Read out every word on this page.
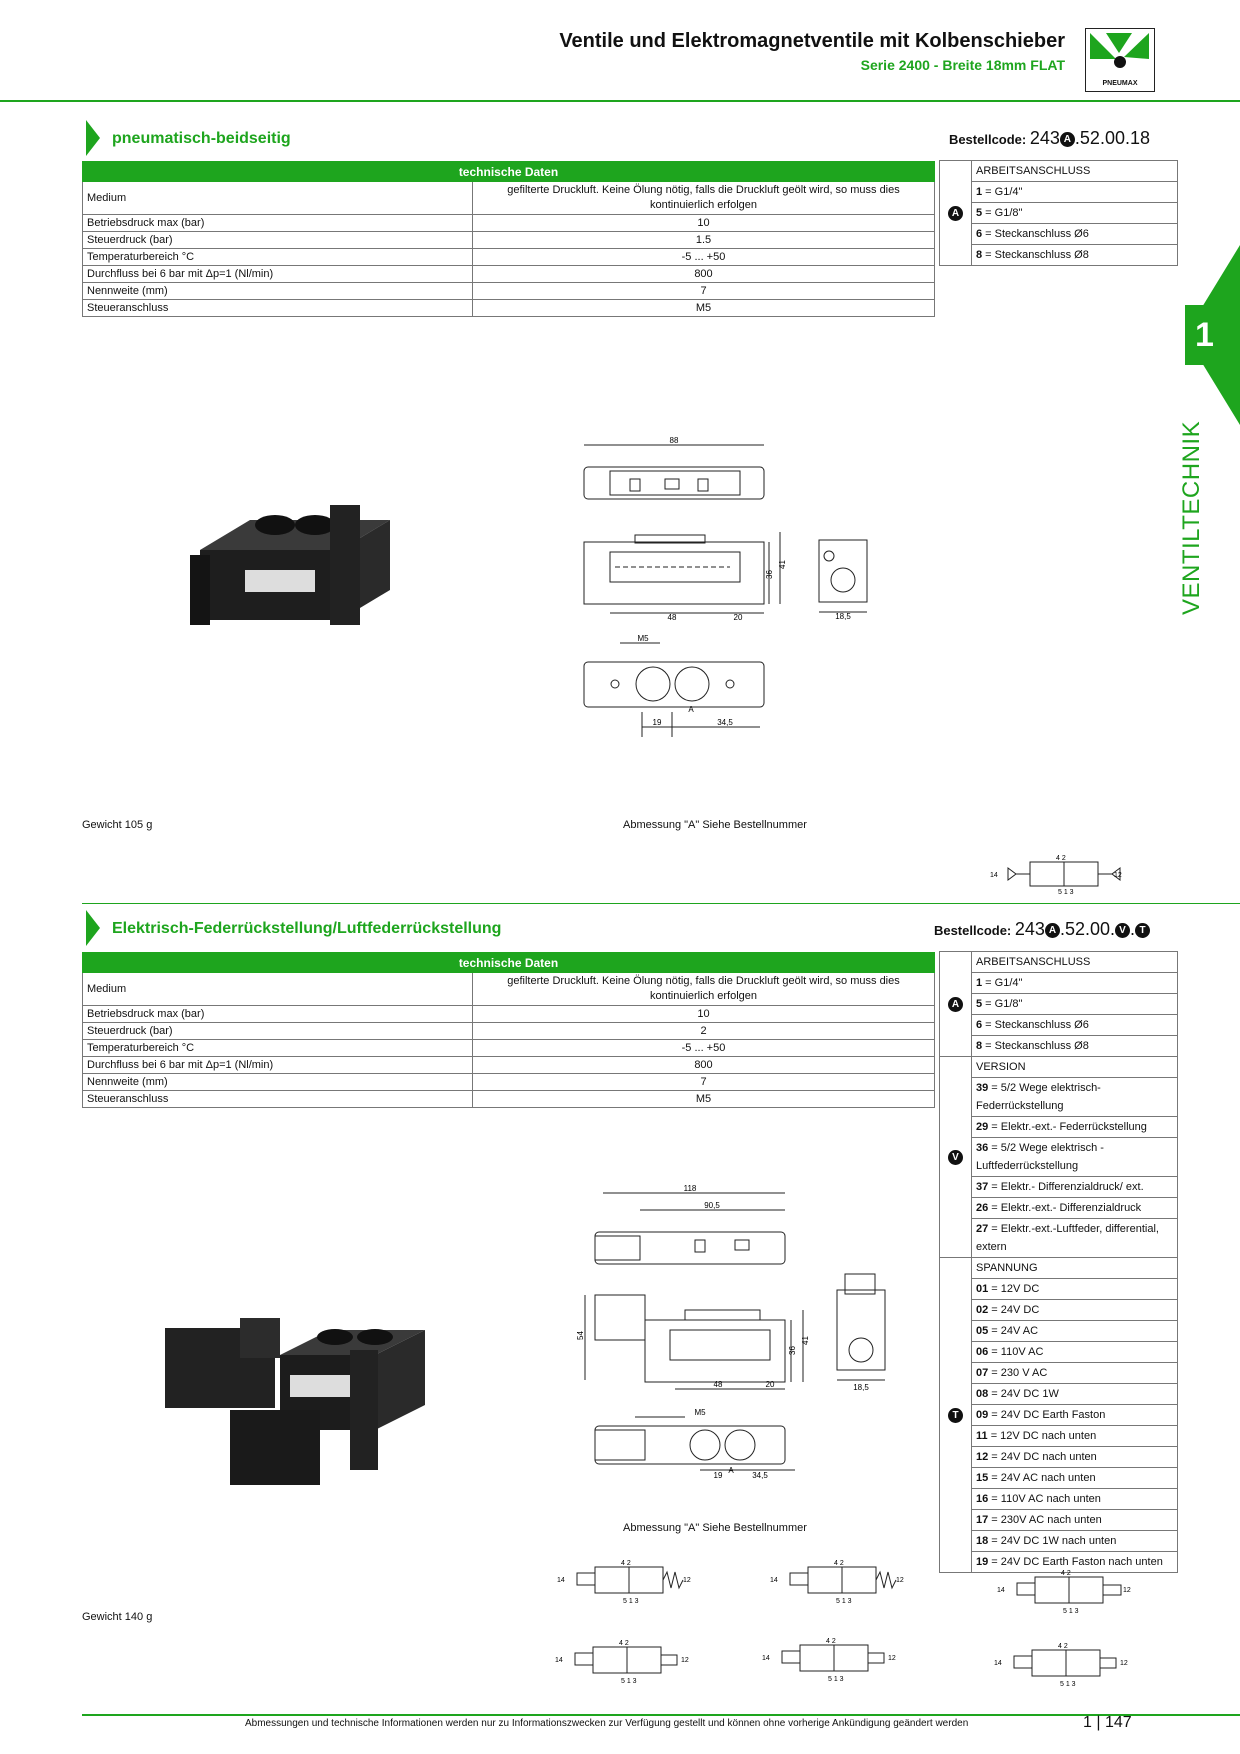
Ventile und Elektromagnetventile mit Kolbenschieber
Serie 2400 - Breite 18mm FLAT
PNEUMAX
1
VENTILTECHNIK
pneumatisch-beidseitig	Bestellcode: 243 A .52.00.18
technische Daten	
Medium	gefilterte Druckluft. Keine Ölung nötig, falls die Druckluft geölt wird, so muss dies kontinuierlich erfolgen
Betriebsdruck max (bar)	10
Steuerdruck (bar)	1.5
Temperaturbereich °C	-5 ... +50
Durchfluss bei 6 bar mit Δp=1 (Nl/min)	800
Nennweite (mm)	7
Steueranschluss	M5
A	ARBEITSANSCHLUSS
1 = G1/4"
5 = G1/8"
6 = Steckanschluss Ø6
8 = Steckanschluss Ø8
88
36
41
48	20
M5
A
19	34,5
18,5
Gewicht 105 g	Abmessung "A" Siehe Bestellnummer
14	12
4 2
5 1 3
Elektrisch-Federrückstellung/Luftfederrückstellung	Bestellcode: 243 A .52.00. V . T
technische Daten	
Medium	gefilterte Druckluft. Keine Ölung nötig, falls die Druckluft geölt wird, so muss dies kontinuierlich erfolgen
Betriebsdruck max (bar)	10
Steuerdruck (bar)	2
Temperaturbereich °C	-5 ... +50
Durchfluss bei 6 bar mit Δp=1 (Nl/min)	800
Nennweite (mm)	7
Steueranschluss	M5
A	ARBEITSANSCHLUSS
	1 = G1/4"
	5 = G1/8"
	6 = Steckanschluss Ø6
	8 = Steckanschluss Ø8
V	VERSION
	39 = 5/2 Wege elektrisch-Federrückstellung
	29 = Elektr.-ext.- Federrückstellung
	36 = 5/2 Wege elektrisch - Luftfederrückstellung
	37 = Elektr.- Differenzialdruck/ ext.
	26 = Elektr.-ext.- Differenzialdruck
	27 = Elektr.-ext.-Luftfeder, differential, extern
T	SPANNUNG
	01 = 12V DC
	02 = 24V DC
	05 = 24V AC
	06 = 110V AC
	07 = 230 V AC
	08 = 24V DC 1W
	09 = 24V DC Earth Faston
	11 = 12V DC nach unten
	12 = 24V DC nach unten
	15 = 24V AC nach unten
	16 = 110V AC nach unten
	17 = 230V AC nach unten
	18 = 24V DC 1W nach unten
	19 = 24V DC Earth Faston nach unten
118
90,5
54
36
41
48	20
M5
A
19	34,5
18,5
Abmessung "A" Siehe Bestellnummer
Gewicht 140 g
14	12
4 2
5 1 3
14	12
4 2
5 1 3
14	12
4 2
5 1 3
14	12
4 2
5 1 3
14	12
4 2
5 1 3
14	12
4 2
5 1 3
Abmessungen und technische Informationen werden nur zu Informationszwecken zur Verfügung gestellt und können ohne vorherige Ankündigung geändert werden	1 | 147
